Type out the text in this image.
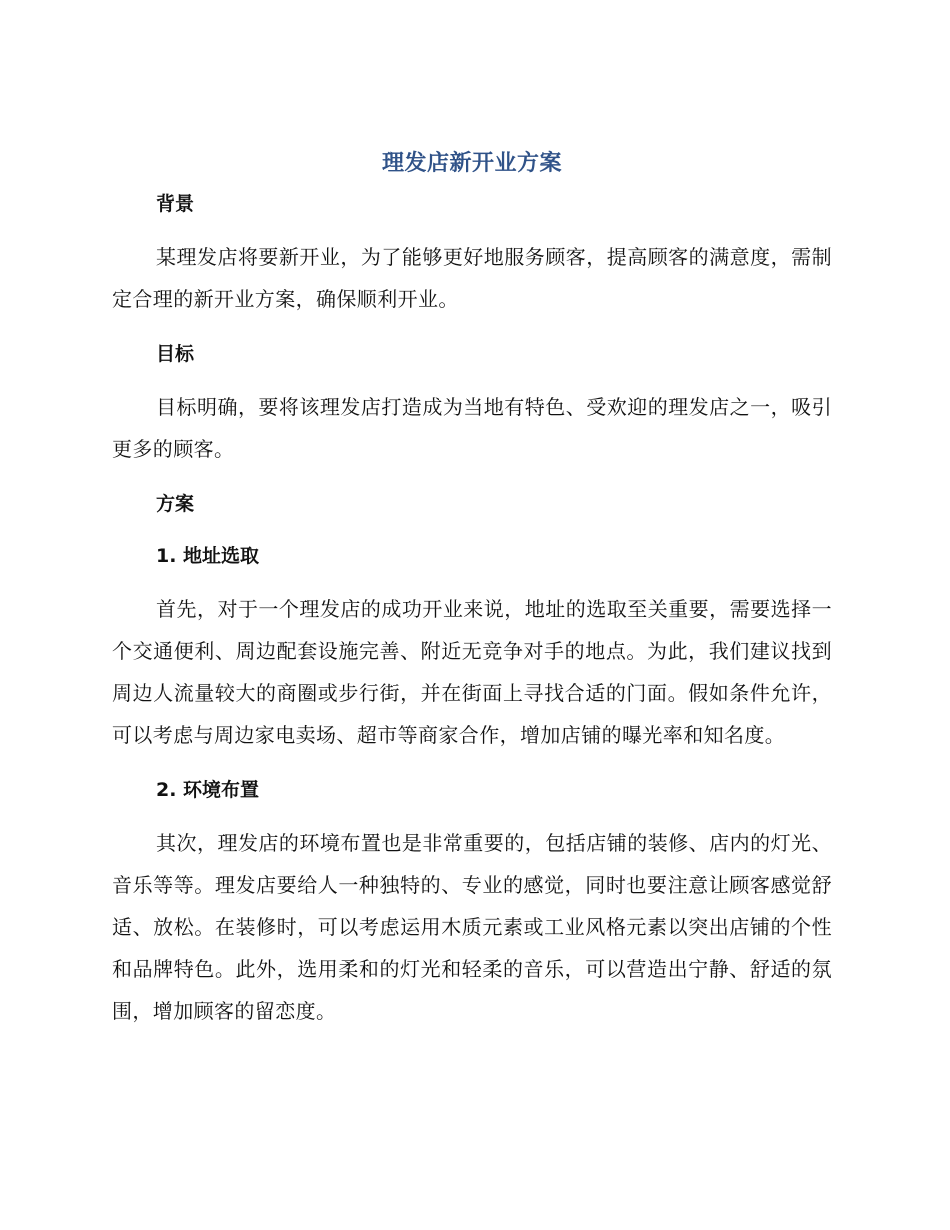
理发店新开业方案
背景

某理发店将要新开业，为了能够更好地服务顾客，提高顾客的满意度，需制定合理的新开业方案，确保顺利开业。

目标

目标明确，要将该理发店打造成为当地有特色、受欢迎的理发店之一，吸引更多的顾客。

方案
1. 地址选取

首先，对于一个理发店的成功开业来说，地址的选取至关重要，需要选择一个交通便利、周边配套设施完善、附近无竞争对手的地点。为此，我们建议找到周边人流量较大的商圈或步行街，并在街面上寻找合适的门面。假如条件允许，可以考虑与周边家电卖场、超市等商家合作，增加店铺的曝光率和知名度。

2. 环境布置

其次，理发店的环境布置也是非常重要的，包括店铺的装修、店内的灯光、音乐等等。理发店要给人一种独特的、专业的感觉，同时也要注意让顾客感觉舒适、放松。在装修时，可以考虑运用木质元素或工业风格元素以突出店铺的个性和品牌特色。此外，选用柔和的灯光和轻柔的音乐，可以营造出宁静、舒适的氛围，增加顾客的留恋度。
